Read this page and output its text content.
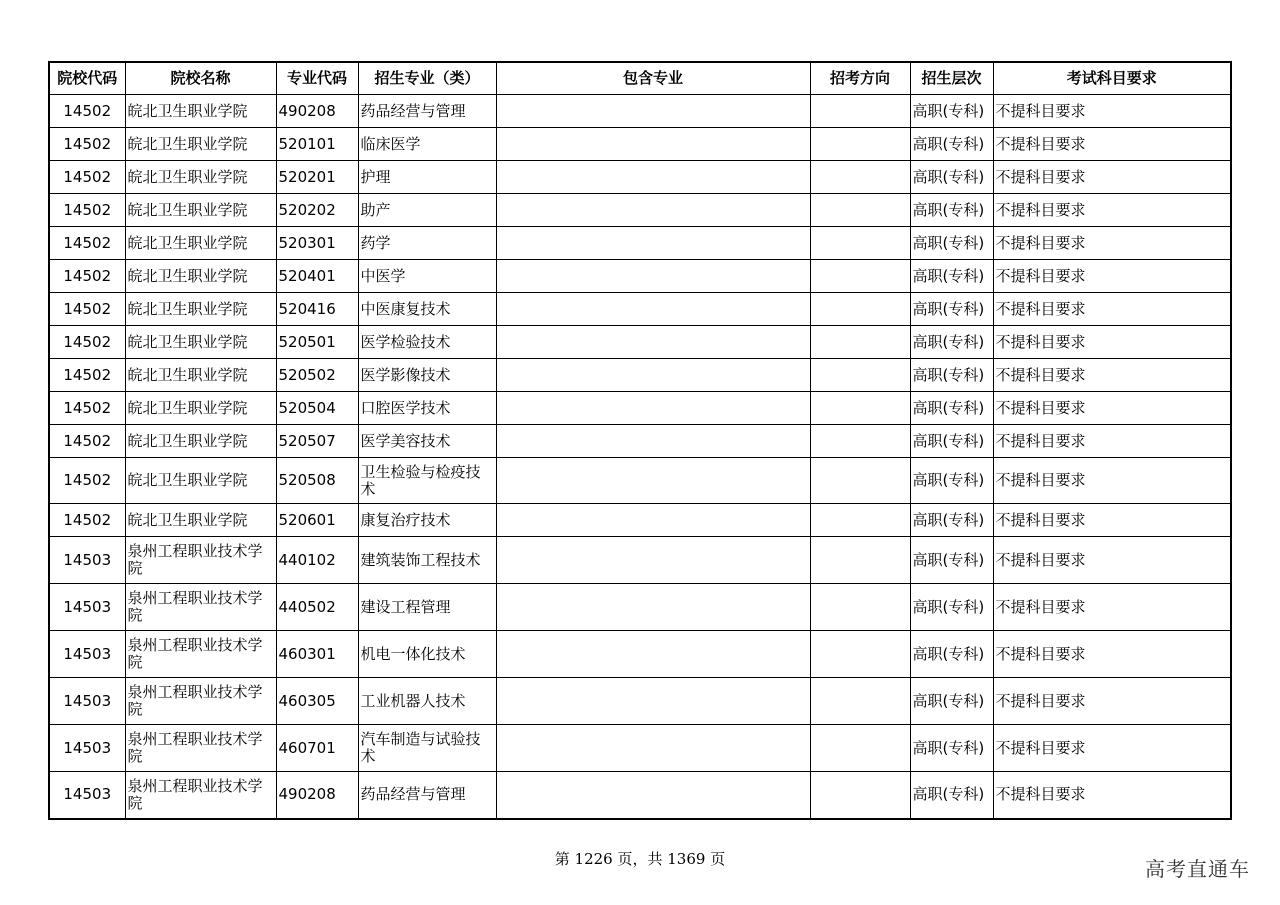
院校代码	院校名称	专业代码	招生专业（类）	包含专业	招考方向	招生层次	考试科目要求
14502	皖北卫生职业学院	490208	药品经营与管理			高职(专科)	不提科目要求
14502	皖北卫生职业学院	520101	临床医学			高职(专科)	不提科目要求
14502	皖北卫生职业学院	520201	护理			高职(专科)	不提科目要求
14502	皖北卫生职业学院	520202	助产			高职(专科)	不提科目要求
14502	皖北卫生职业学院	520301	药学			高职(专科)	不提科目要求
14502	皖北卫生职业学院	520401	中医学			高职(专科)	不提科目要求
14502	皖北卫生职业学院	520416	中医康复技术			高职(专科)	不提科目要求
14502	皖北卫生职业学院	520501	医学检验技术			高职(专科)	不提科目要求
14502	皖北卫生职业学院	520502	医学影像技术			高职(专科)	不提科目要求
14502	皖北卫生职业学院	520504	口腔医学技术			高职(专科)	不提科目要求
14502	皖北卫生职业学院	520507	医学美容技术			高职(专科)	不提科目要求
14502	皖北卫生职业学院	520508	卫生检验与检疫技术			高职(专科)	不提科目要求
14502	皖北卫生职业学院	520601	康复治疗技术			高职(专科)	不提科目要求
14503	泉州工程职业技术学院	440102	建筑装饰工程技术			高职(专科)	不提科目要求
14503	泉州工程职业技术学院	440502	建设工程管理			高职(专科)	不提科目要求
14503	泉州工程职业技术学院	460301	机电一体化技术			高职(专科)	不提科目要求
14503	泉州工程职业技术学院	460305	工业机器人技术			高职(专科)	不提科目要求
14503	泉州工程职业技术学院	460701	汽车制造与试验技术			高职(专科)	不提科目要求
14503	泉州工程职业技术学院	490208	药品经营与管理			高职(专科)	不提科目要求
第 1226 页，共 1369 页	高考直通车
